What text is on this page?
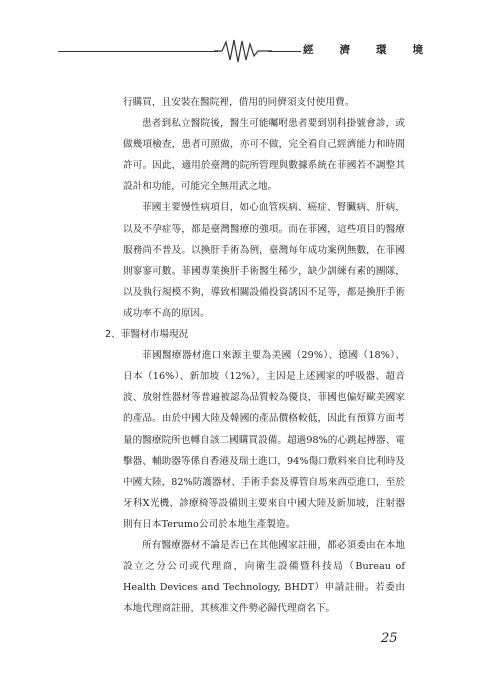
經 濟 環 境

行購買，且安裝在醫院裡，借用的同儕須支付使用費。

患者到私立醫院後，醫生可能囑咐患者要到別科掛號會診，或做幾項檢查，患者可照做，亦可不做，完全看自己經濟能力和時間許可。因此，適用於臺灣的院所管理與數據系統在菲國若不調整其設計和功能，可能完全無用武之地。

菲國主要慢性病項目，如心血管疾病、癌症、腎臟病、肝病，以及不孕症等，都是臺灣醫療的強項。而在菲國，這些項目的醫療服務尚不普及。以換肝手術為例，臺灣每年成功案例無數，在菲國則寥寥可數。菲國專業換肝手術醫生稀少，缺少訓練有素的團隊，以及執行規模不夠，導致相關設備投資誘因不足等，都是換肝手術成功率不高的原因。

2、菲醫材市場現況

菲國醫療器材進口來源主要為美國（29%）、德國（18%）、日本（16%）、新加坡（12%），主因是上述國家的呼吸器、超音波、放射性器材等普遍被認為品質較為優良，菲國也偏好歐美國家的產品。由於中國大陸及韓國的產品價格較低，因此有預算方面考量的醫療院所也轉自該二國購買設備。超過98%的心跳起搏器、電擊器、輔助器等係自香港及瑞士進口，94%傷口敷料來自比利時及中國大陸，82%防護器材、手術手套及導管自馬來西亞進口，至於牙科X光機、診療椅等設備則主要來自中國大陸及新加坡，注射器則有日本Terumo公司於本地生產製造。

所有醫療器材不論是否已在其他國家註冊，都必須委由在本地設立之分公司或代理商，向衛生設備暨科技局（Bureau of Health Devices and Technology, BHDT）申請註冊。若委由本地代理商註冊，其核准文件勢必歸代理商名下。

25
